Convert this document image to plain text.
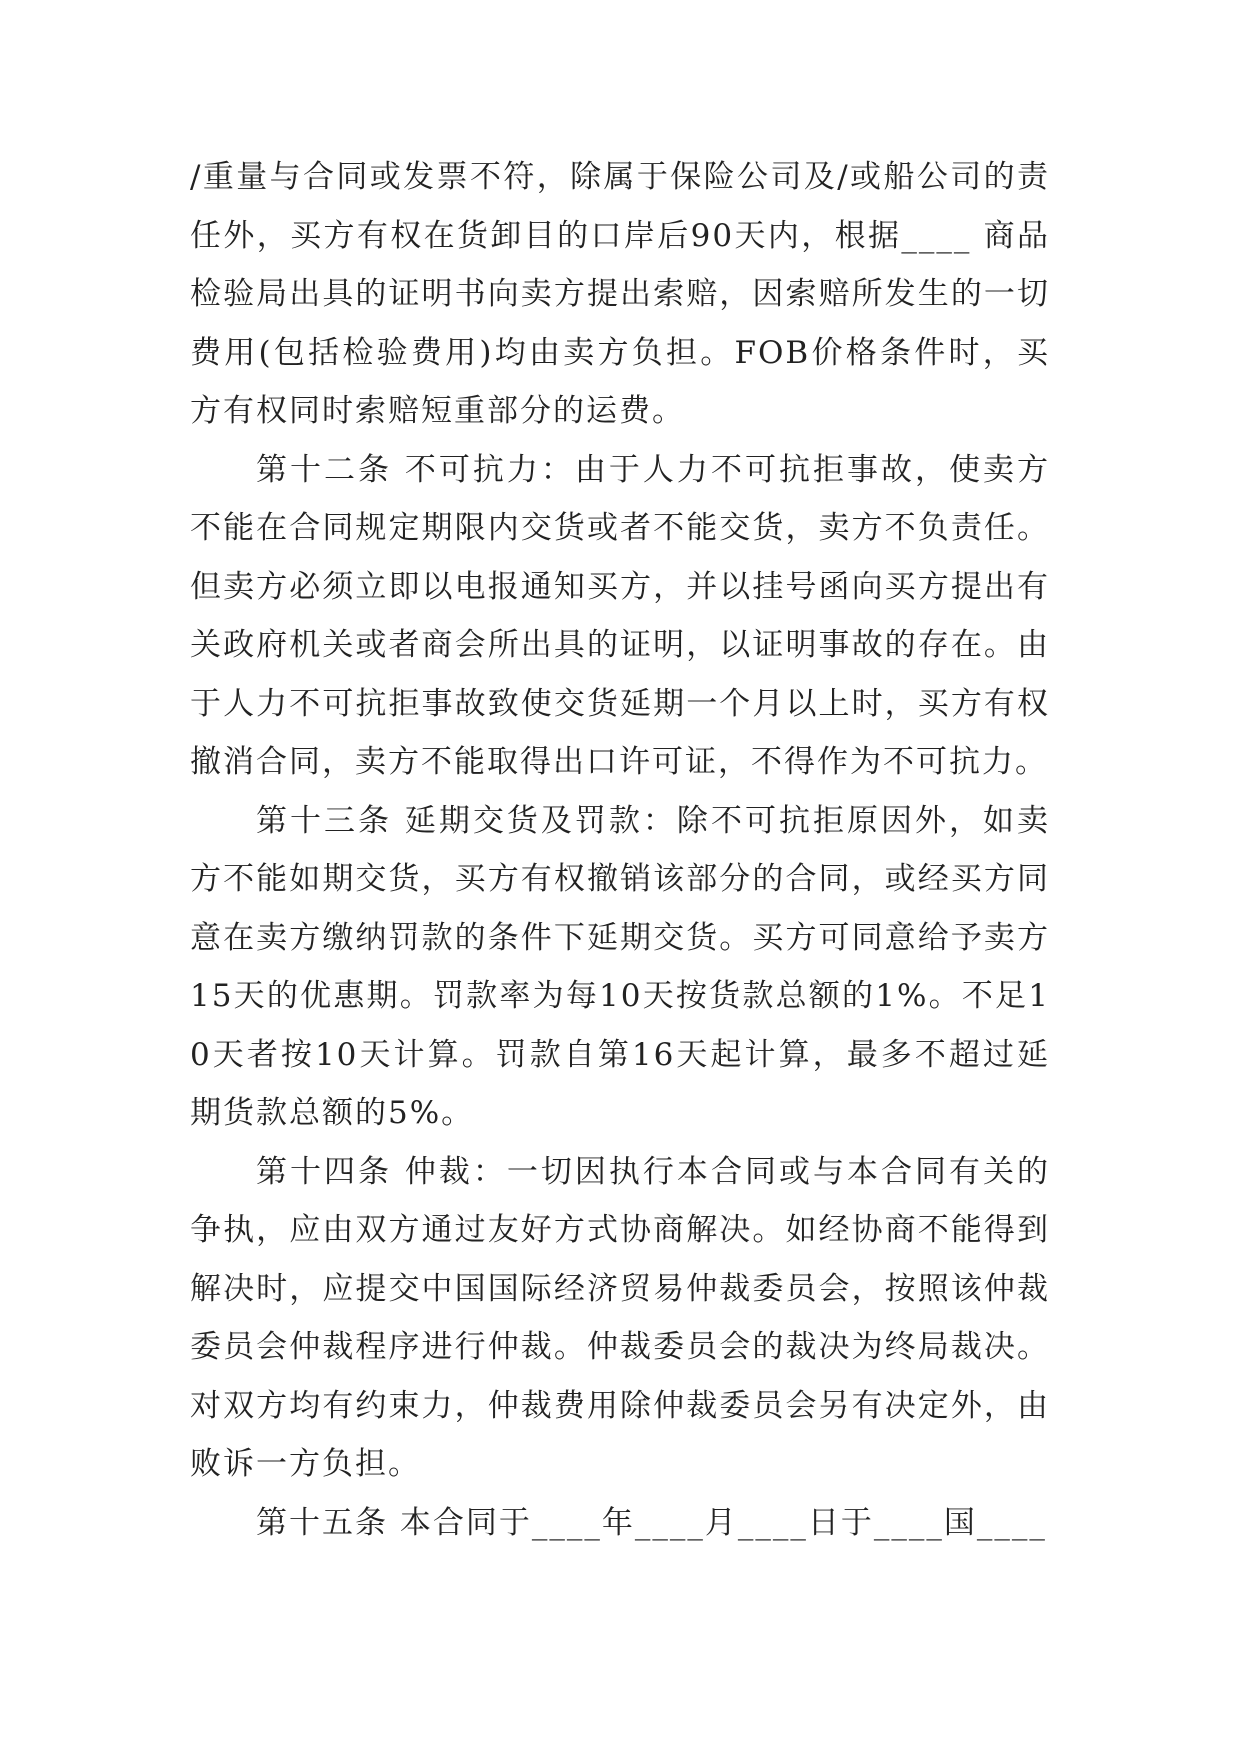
/重量与合同或发票不符，除属于保险公司及/或船公司的责任外，买方有权在货卸目的口岸后90天内，根据____ 商品检验局出具的证明书向卖方提出索赔，因索赔所发生的一切费用(包括检验费用)均由卖方负担。FOB价格条件时，买方有权同时索赔短重部分的运费。

第十二条 不可抗力：由于人力不可抗拒事故，使卖方不能在合同规定期限内交货或者不能交货，卖方不负责任。但卖方必须立即以电报通知买方，并以挂号函向买方提出有关政府机关或者商会所出具的证明，以证明事故的存在。由于人力不可抗拒事故致使交货延期一个月以上时，买方有权撤消合同，卖方不能取得出口许可证，不得作为不可抗力。

第十三条 延期交货及罚款：除不可抗拒原因外，如卖方不能如期交货，买方有权撤销该部分的合同，或经买方同意在卖方缴纳罚款的条件下延期交货。买方可同意给予卖方15天的优惠期。罚款率为每10天按货款总额的1%。不足10天者按10天计算。罚款自第16天起计算，最多不超过延期货款总额的5%。

第十四条 仲裁：一切因执行本合同或与本合同有关的争执，应由双方通过友好方式协商解决。如经协商不能得到解决时，应提交中国国际经济贸易仲裁委员会，按照该仲裁委员会仲裁程序进行仲裁。仲裁委员会的裁决为终局裁决。对双方均有约束力，仲裁费用除仲裁委员会另有决定外，由败诉一方负担。

第十五条 本合同于____年____月____日于____国____
